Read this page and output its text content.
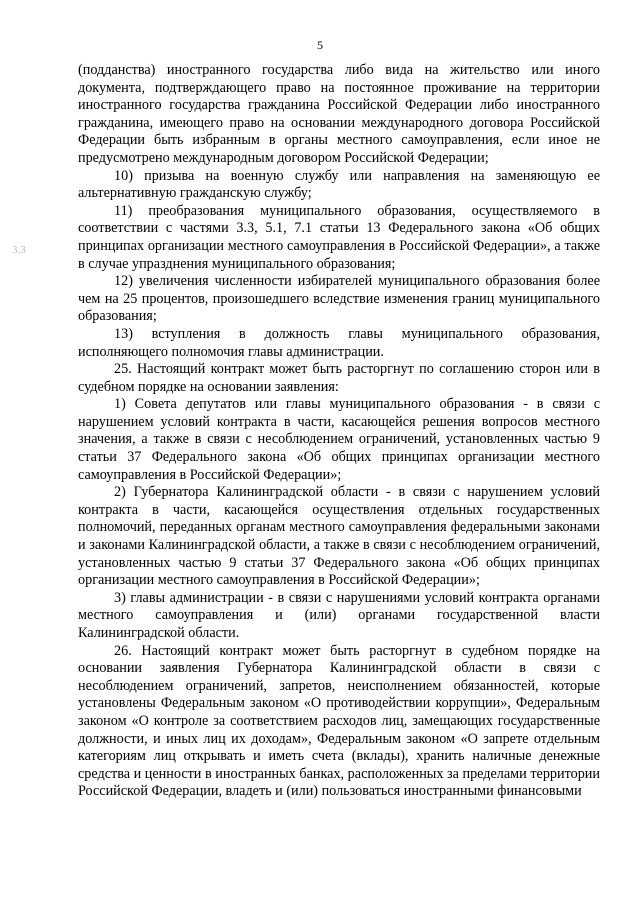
5
3.3

(подданства) иностранного государства либо вида на жительство или иного документа, подтверждающего право на постоянное проживание на территории иностранного государства гражданина Российской Федерации либо иностранного гражданина, имеющего право на основании международного договора Российской Федерации быть избранным в органы местного самоуправления, если иное не предусмотрено международным договором Российской Федерации;

10) призыва на военную службу или направления на заменяющую ее альтернативную гражданскую службу;

11) преобразования муниципального образования, осуществляемого в соответствии с частями 3.3, 5.1, 7.1 статьи 13 Федерального закона «Об общих принципах организации местного самоуправления в Российской Федерации», а также в случае упразднения муниципального образования;

12) увеличения численности избирателей муниципального образования более чем на 25 процентов, произошедшего вследствие изменения границ муниципального образования;

13) вступления в должность главы муниципального образования, исполняющего полномочия главы администрации.

25. Настоящий контракт может быть расторгнут по соглашению сторон или в судебном порядке на основании заявления:

1) Совета депутатов или главы муниципального образования - в связи с нарушением условий контракта в части, касающейся решения вопросов местного значения, а также в связи с несоблюдением ограничений, установленных частью 9 статьи 37 Федерального закона «Об общих принципах организации местного самоуправления в Российской Федерации»;

2) Губернатора Калининградской области - в связи с нарушением условий контракта в части, касающейся осуществления отдельных государственных полномочий, переданных органам местного самоуправления федеральными законами и законами Калининградской области, а также в связи с несоблюдением ограничений, установленных частью 9 статьи 37 Федерального закона «Об общих принципах организации местного самоуправления в Российской Федерации»;

3) главы администрации - в связи с нарушениями условий контракта органами местного самоуправления и (или) органами государственной власти Калининградской области.

26. Настоящий контракт может быть расторгнут в судебном порядке на основании заявления Губернатора Калининградской области в связи с несоблюдением ограничений, запретов, неисполнением обязанностей, которые установлены Федеральным законом «О противодействии коррупции», Федеральным законом «О контроле за соответствием расходов лиц, замещающих государственные должности, и иных лиц их доходам», Федеральным законом «О запрете отдельным категориям лиц открывать и иметь счета (вклады), хранить наличные денежные средства и ценности в иностранных банках, расположенных за пределами территории Российской Федерации, владеть и (или) пользоваться иностранными финансовыми
